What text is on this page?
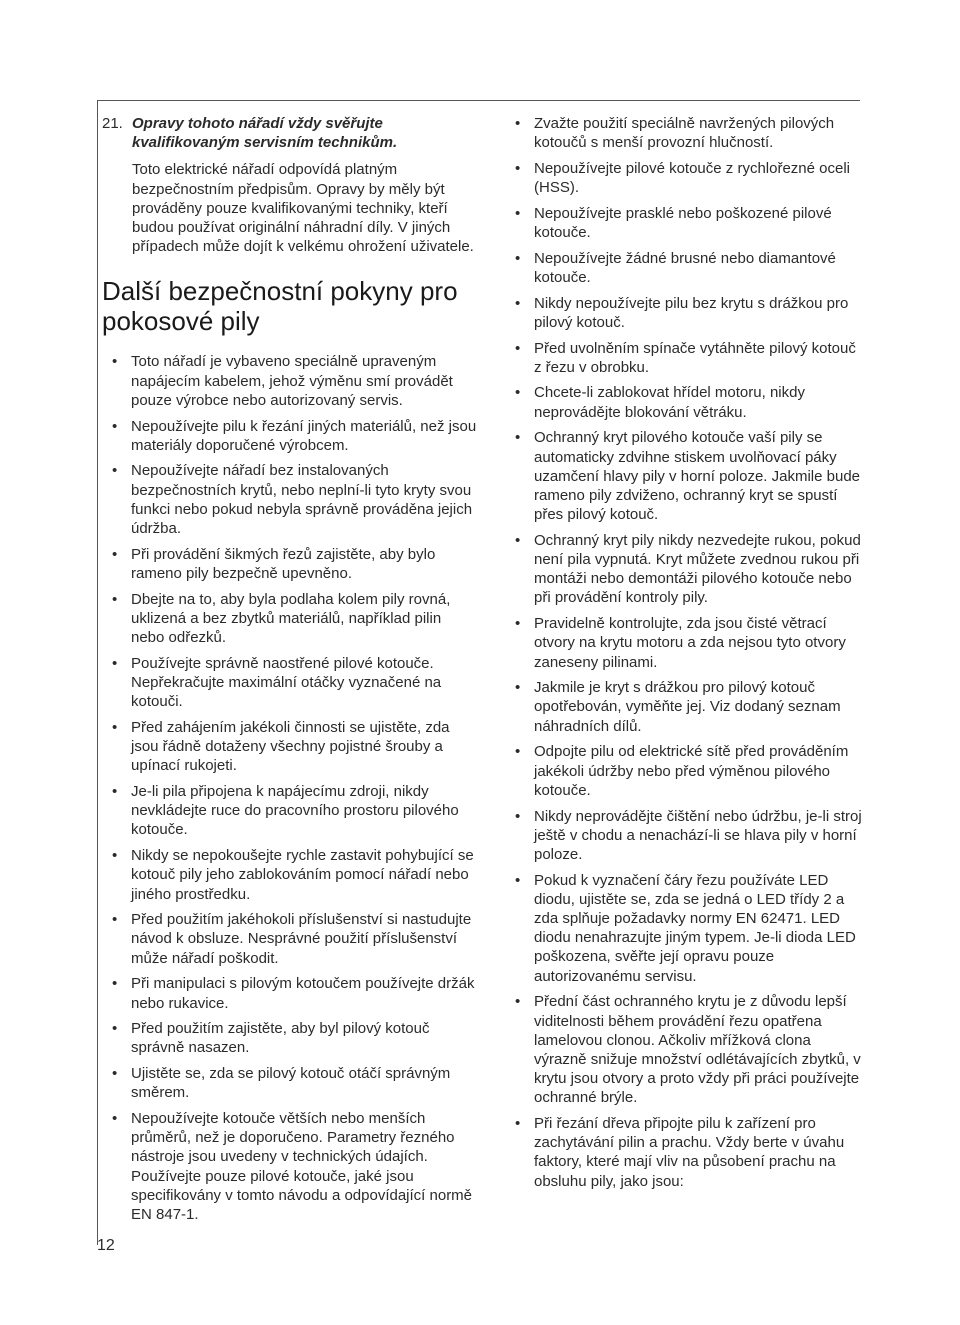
21. Opravy tohoto nářadí vždy svěřujte kvalifikovaným servisním technikům.

Toto elektrické nářadí odpovídá platným bezpečnostním předpisům. Opravy by měly být prováděny pouze kvalifikovanými techniky, kteří budou používat originální náhradní díly. V jiných případech může dojít k velkému ohrožení uživatele.

Další bezpečnostní pokyny pro pokosové pily
• Toto nářadí je vybaveno speciálně upraveným napájecím kabelem, jehož výměnu smí provádět pouze výrobce nebo autorizovaný servis.
• Nepoužívejte pilu k řezání jiných materiálů, než jsou materiály doporučené výrobcem.
• Nepoužívejte nářadí bez instalovaných bezpečnostních krytů, nebo neplní-li tyto kryty svou funkci nebo pokud nebyla správně prováděna jejich údržba.
• Při provádění šikmých řezů zajistěte, aby bylo rameno pily bezpečně upevněno.
• Dbejte na to, aby byla podlaha kolem pily rovná, uklizená a bez zbytků materiálů, například pilin nebo odřezků.
• Používejte správně naostřené pilové kotouče. Nepřekračujte maximální otáčky vyznačené na kotouči.
• Před zahájením jakékoli činnosti se ujistěte, zda jsou řádně dotaženy všechny pojistné šrouby a upínací rukojeti.
• Je-li pila připojena k napájecímu zdroji, nikdy nevkládejte ruce do pracovního prostoru pilového kotouče.
• Nikdy se nepokoušejte rychle zastavit pohybující se kotouč pily jeho zablokováním pomocí nářadí nebo jiného prostředku.
• Před použitím jakéhokoli příslušenství si nastudujte návod k obsluze. Nesprávné použití příslušenství může nářadí poškodit.
• Při manipulaci s pilovým kotoučem používejte držák nebo rukavice.
• Před použitím zajistěte, aby byl pilový kotouč správně nasazen.
• Ujistěte se, zda se pilový kotouč otáčí správným směrem.
• Nepoužívejte kotouče větších nebo menších průměrů, než je doporučeno. Parametry řezného nástroje jsou uvedeny v technických údajích. Používejte pouze pilové kotouče, jaké jsou specifikovány v tomto návodu a odpovídající normě EN 847-1.
• Zvažte použití speciálně navržených pilových kotoučů s menší provozní hlučností.
• Nepoužívejte pilové kotouče z rychlořezné oceli (HSS).
• Nepoužívejte prasklé nebo poškozené pilové kotouče.
• Nepoužívejte žádné brusné nebo diamantové kotouče.
• Nikdy nepoužívejte pilu bez krytu s drážkou pro pilový kotouč.
• Před uvolněním spínače vytáhněte pilový kotouč z řezu v obrobku.
• Chcete-li zablokovat hřídel motoru, nikdy neprovádějte blokování větráku.
• Ochranný kryt pilového kotouče vaší pily se automaticky zdvihne stiskem uvolňovací páky uzamčení hlavy pily v horní poloze. Jakmile bude rameno pily zdviženo, ochranný kryt se spustí přes pilový kotouč.
• Ochranný kryt pily nikdy nezvedejte rukou, pokud není pila vypnutá. Kryt můžete zvednou rukou při montáži nebo demontáži pilového kotouče nebo při provádění kontroly pily.
• Pravidelně kontrolujte, zda jsou čisté větrací otvory na krytu motoru a zda nejsou tyto otvory zaneseny pilinami.
• Jakmile je kryt s drážkou pro pilový kotouč opotřebován, vyměňte jej. Viz dodaný seznam náhradních dílů.
• Odpojte pilu od elektrické sítě před prováděním jakékoli údržby nebo před výměnou pilového kotouče.
• Nikdy neprovádějte čištění nebo údržbu, je-li stroj ještě v chodu a nenachází-li se hlava pily v horní poloze.
• Pokud k vyznačení čáry řezu používáte LED diodu, ujistěte se, zda se jedná o LED třídy 2 a zda splňuje požadavky normy EN 62471. LED diodu nenahrazujte jiným typem. Je-li dioda LED poškozena, svěřte její opravu pouze autorizovanému servisu.
• Přední část ochranného krytu je z důvodu lepší viditelnosti během provádění řezu opatřena lamelovou clonou. Ačkoliv mřížková clona výrazně snižuje množství odlétávajících zbytků, v krytu jsou otvory a proto vždy při práci používejte ochranné brýle.
• Při řezání dřeva připojte pilu k zařízení pro zachytávání pilin a prachu. Vždy berte v úvahu faktory, které mají vliv na působení prachu na obsluhu pily, jako jsou:
12
